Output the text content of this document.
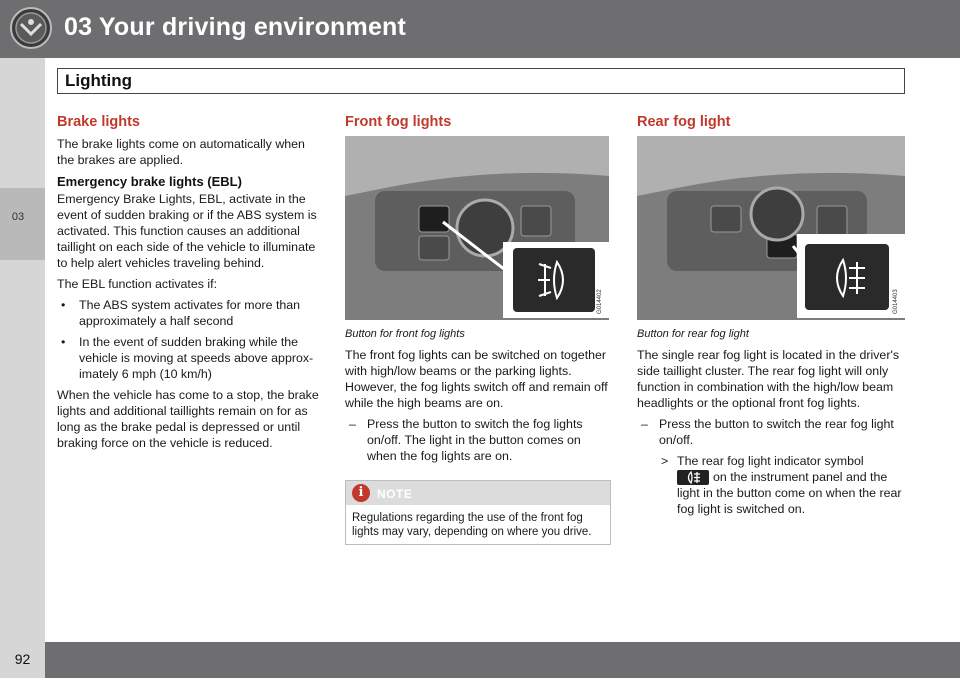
03 Your driving environment
03
Lighting
Brake lights

The brake lights come on automatically when the brakes are applied.

Emergency brake lights (EBL)

Emergency Brake Lights, EBL, activate in the event of sudden braking or if the ABS system is activated. This function causes an additional taillight on each side of the vehicle to illuminate to help alert vehicles traveling behind.

The EBL function activates if:

• The ABS system activates for more than approximately a half second
• In the event of sudden braking while the vehicle is moving at speeds above approx-imately 6 mph (10 km/h)

When the vehicle has come to a stop, the brake lights and additional taillights remain on for as long as the brake pedal is depressed or until braking force on the vehicle is reduced.

Front fog lights
G014402

Button for front fog lights

The front fog lights can be switched on together with high/low beams or the parking lights. However, the fog lights switch off and remain off while the high beams are on.

– Press the button to switch the fog lights on/off. The light in the button comes on when the fog lights are on.
i	NOTE
Regulations regarding the use of the front fog lights may vary, depending on where you drive.
Rear fog light
G014403

Button for rear fog light

The single rear fog light is located in the driver's side taillight cluster. The rear fog light will only function in combination with the high/low beam headlights or the optional front fog lights.

– Press the button to switch the rear fog light on/off.
> The rear fog light indicator symbol
on the instrument panel and the light in the button come on when the rear fog light is switched on.
92
